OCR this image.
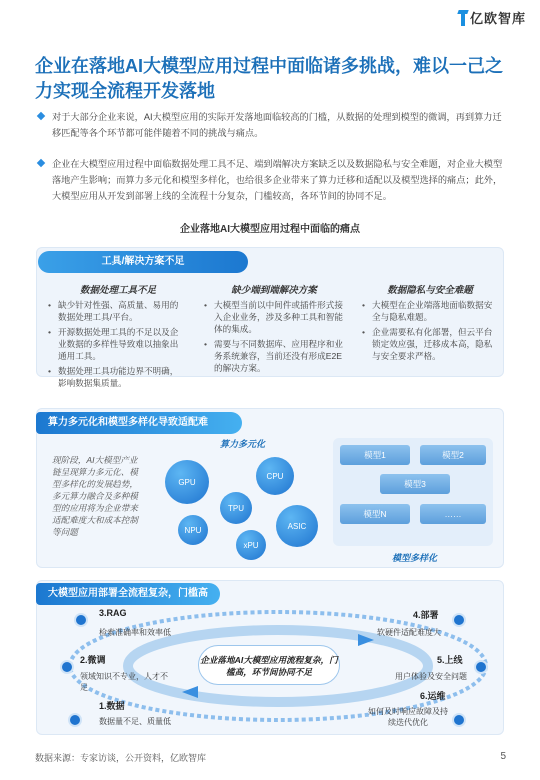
亿欧智库
企业在落地AI大模型应用过程中面临诸多挑战，难以一己之力实现全流程开发落地
对于大部分企业来说，AI大模型应用的实际开发落地面临较高的门槛，从数据的处理到模型的微调，再到算力迁移匹配等各个环节都可能伴随着不同的挑战与痛点。
企业在大模型应用过程中面临数据处理工具不足、端到端解决方案缺乏以及数据隐私与安全难题，对企业大模型落地产生影响；而算力多元化和模型多样化，也给很多企业带来了算力迁移和适配以及模型选择的痛点；此外，大模型应用从开发到部署上线的全流程十分复杂，门槛较高，各环节间的协同不足。
企业落地AI大模型应用过程中面临的痛点
工具/解决方案不足
数据处理工具不足
• 缺少针对性强、高质量、易用的数据处理工具/平台。
• 开源数据处理工具的不足以及企业数据的多样性导致难以抽象出通用工具。
• 数据处理工具功能边界不明确，影响数据集质量。
缺少端到端解决方案
• 大模型当前以中间件或插件形式接入企业业务，涉及多种工具和智能体的集成。
• 需要与不同数据库、应用程序和业务系统兼容，当前还没有形成E2E的解决方案。
数据隐私与安全难题
• 大模型在企业端落地面临数据安全与隐私难题。
• 企业需要私有化部署，但云平台锁定效应强，迁移成本高，隐私与安全要求严格。
算力多元化和模型多样化导致适配难
现阶段，AI大模型产业链呈现算力多元化、模型多样化的发展趋势，多元算力融合及多种模型的应用将为企业带来适配难度大和成本控制等问题
算力多元化
GPU
CPU
TPU
NPU	ASIC
xPU
模型1	模型2
模型3
模型N	……
模型多样化
大模型应用部署全流程复杂，门槛高
企业落地AI大模型应用流程复杂，门槛高，环节间协同不足
3.RAG
检索准确率和效率低
2.微调
领域知识不专业，人才不足
1.数据
数据量不足、质量低
4.部署
软硬件适配难度大
5.上线
用户体验及安全问题
6.运维
如何及时响应故障及持续迭代优化
数据来源：专家访谈，公开资料，亿欧智库	5
